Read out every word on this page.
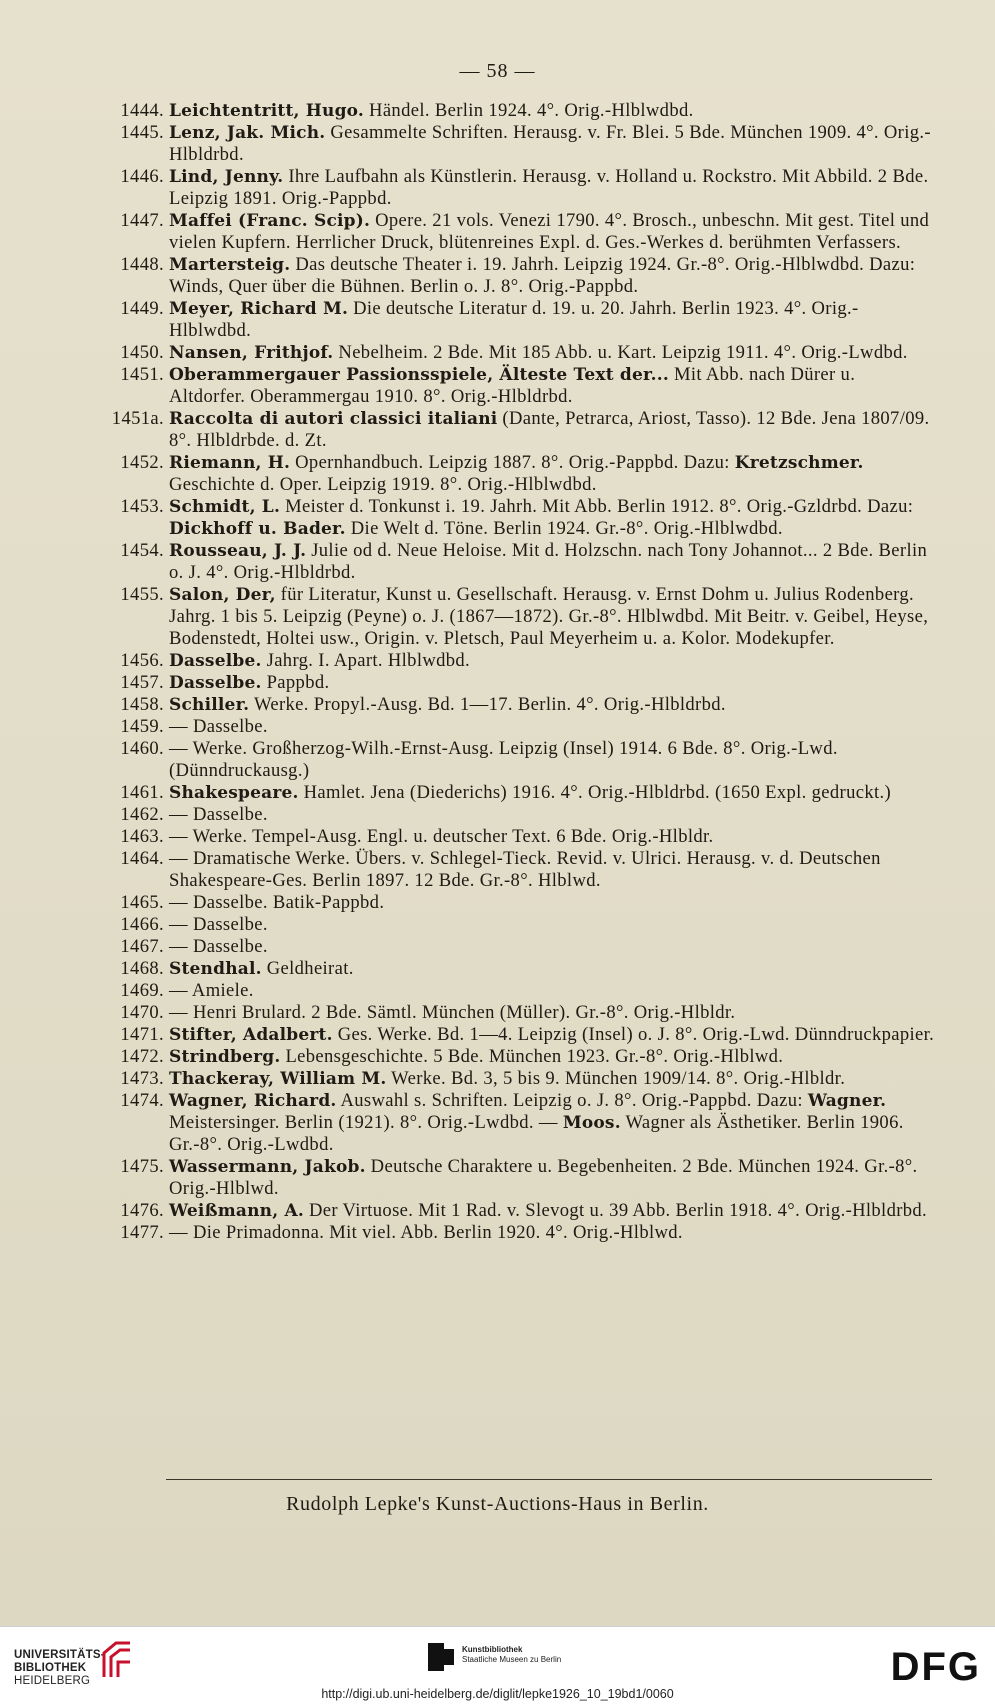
— 58 —
1444. Leichtentritt, Hugo. Händel. Berlin 1924. 4°. Orig.-Hlblwdbd.
1445. Lenz, Jak. Mich. Gesammelte Schriften. Herausg. v. Fr. Blei. 5 Bde. München 1909. 4°. Orig.-Hlbldrbd.
1446. Lind, Jenny. Ihre Laufbahn als Künstlerin. Herausg. v. Holland u. Rockstro. Mit Abbild. 2 Bde. Leipzig 1891. Orig.-Pappbd.
1447. Maffei (Franc. Scip). Opere. 21 vols. Venezi 1790. 4°. Brosch., unbeschn. Mit gest. Titel und vielen Kupfern. Herrlicher Druck, blütenreines Expl. d. Ges.-Werkes d. berühmten Verfassers.
1448. Martersteig. Das deutsche Theater i. 19. Jahrh. Leipzig 1924. Gr.-8°. Orig.-Hlblwdbd. Dazu: Winds, Quer über die Bühnen. Berlin o. J. 8°. Orig.-Pappbd.
1449. Meyer, Richard M. Die deutsche Literatur d. 19. u. 20. Jahrh. Berlin 1923. 4°. Orig.-Hlblwdbd.
1450. Nansen, Frithjof. Nebelheim. 2 Bde. Mit 185 Abb. u. Kart. Leipzig 1911. 4°. Orig.-Lwdbd.
1451. Oberammergauer Passionsspiele, Älteste Text der... Mit Abb. nach Dürer u. Altdorfer. Oberammergau 1910. 8°. Orig.-Hlbldrbd.
1451a. Raccolta di autori classici italiani (Dante, Petrarca, Ariost, Tasso). 12 Bde. Jena 1807/09. 8°. Hlbldrbde. d. Zt.
1452. Riemann, H. Opernhandbuch. Leipzig 1887. 8°. Orig.-Pappbd. Dazu: Kretzschmer. Geschichte d. Oper. Leipzig 1919. 8°. Orig.-Hlblwdbd.
1453. Schmidt, L. Meister d. Tonkunst i. 19. Jahrh. Mit Abb. Berlin 1912. 8°. Orig.-Gzldrbd. Dazu: Dickhoff u. Bader. Die Welt d. Töne. Berlin 1924. Gr.-8°. Orig.-Hlblwdbd.
1454. Rousseau, J. J. Julie od d. Neue Heloise. Mit d. Holzschn. nach Tony Johannot... 2 Bde. Berlin o. J. 4°. Orig.-Hlbldrbd.
1455. Salon, Der, für Literatur, Kunst u. Gesellschaft. Herausg. v. Ernst Dohm u. Julius Rodenberg. Jahrg. 1 bis 5. Leipzig (Peyne) o. J. (1867—1872). Gr.-8°. Hlblwdbd. Mit Beitr. v. Geibel, Heyse, Bodenstedt, Holtei usw., Origin. v. Pletsch, Paul Meyerheim u. a. Kolor. Modekupfer.
1456. Dasselbe. Jahrg. I. Apart. Hlblwdbd.
1457. Dasselbe. Pappbd.
1458. Schiller. Werke. Propyl.-Ausg. Bd. 1—17. Berlin. 4°. Orig.-Hlbldrbd.
1459. — Dasselbe.
1460. — Werke. Großherzog-Wilh.-Ernst-Ausg. Leipzig (Insel) 1914. 6 Bde. 8°. Orig.-Lwd. (Dünndruckausg.)
1461. Shakespeare. Hamlet. Jena (Diederichs) 1916. 4°. Orig.-Hlbldrbd. (1650 Expl. gedruckt.)
1462. — Dasselbe.
1463. — Werke. Tempel-Ausg. Engl. u. deutscher Text. 6 Bde. Orig.-Hlbldr.
1464. — Dramatische Werke. Übers. v. Schlegel-Tieck. Revid. v. Ulrici. Herausg. v. d. Deutschen Shakespeare-Ges. Berlin 1897. 12 Bde. Gr.-8°. Hlblwd.
1465. — Dasselbe. Batik-Pappbd.
1466. — Dasselbe.
1467. — Dasselbe.
1468. Stendhal. Geldheirat.
1469. — Amiele.
1470. — Henri Brulard. 2 Bde. Sämtl. München (Müller). Gr.-8°. Orig.-Hlbldr.
1471. Stifter, Adalbert. Ges. Werke. Bd. 1—4. Leipzig (Insel) o. J. 8°. Orig.-Lwd. Dünndruckpapier.
1472. Strindberg. Lebensgeschichte. 5 Bde. München 1923. Gr.-8°. Orig.-Hlblwd.
1473. Thackeray, William M. Werke. Bd. 3, 5 bis 9. München 1909/14. 8°. Orig.-Hlbldr.
1474. Wagner, Richard. Auswahl s. Schriften. Leipzig o. J. 8°. Orig.-Pappbd. Dazu: Wagner. Meistersinger. Berlin (1921). 8°. Orig.-Lwdbd. — Moos. Wagner als Ästhetiker. Berlin 1906. Gr.-8°. Orig.-Lwdbd.
1475. Wassermann, Jakob. Deutsche Charaktere u. Begebenheiten. 2 Bde. München 1924. Gr.-8°. Orig.-Hlblwd.
1476. Weißmann, A. Der Virtuose. Mit 1 Rad. v. Slevogt u. 39 Abb. Berlin 1918. 4°. Orig.-Hlbldrbd.
1477. — Die Primadonna. Mit viel. Abb. Berlin 1920. 4°. Orig.-Hlblwd.
Rudolph Lepke's Kunst-Auctions-Haus in Berlin.
UNIVERSITÄTS-
BIBLIOTHEK
HEIDELBERG
Kunstbibliothek
Staatliche Museen zu Berlin	DFG
http://digi.ub.uni-heidelberg.de/diglit/lepke1926_10_19bd1/0060
